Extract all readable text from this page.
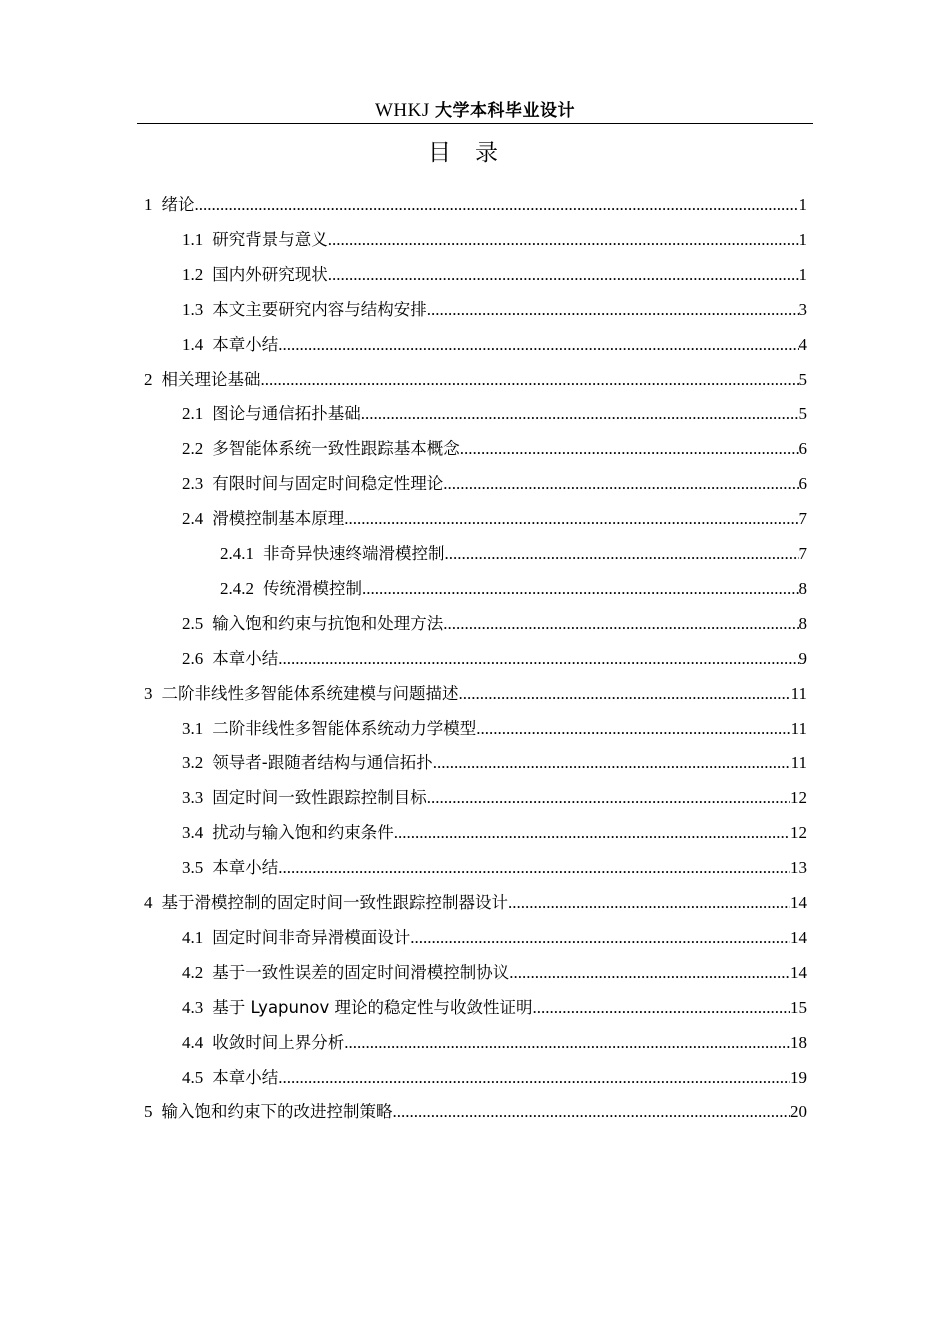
WHKJ 大学本科毕业设计
目录
1 绪论 .....	1
1.1 研究背景与意义 .....	1
1.2 国内外研究现状 .....	1
1.3 本文主要研究内容与结构安排 .....	3
1.4 本章小结 .....	4
2 相关理论基础 .....	5
2.1 图论与通信拓扑基础 .....	5
2.2 多智能体系统一致性跟踪基本概念 .....	6
2.3 有限时间与固定时间稳定性理论 .....	6
2.4 滑模控制基本原理 .....	7
2.4.1 非奇异快速终端滑模控制 .....	7
2.4.2 传统滑模控制 .....	8
2.5 输入饱和约束与抗饱和处理方法 .....	8
2.6 本章小结 .....	9
3 二阶非线性多智能体系统建模与问题描述 .....	11
3.1 二阶非线性多智能体系统动力学模型 .....	11
3.2 领导者-跟随者结构与通信拓扑 .....	11
3.3 固定时间一致性跟踪控制目标 .....	12
3.4 扰动与输入饱和约束条件 .....	12
3.5 本章小结 .....	13
4 基于滑模控制的固定时间一致性跟踪控制器设计 .....	14
4.1 固定时间非奇异滑模面设计 .....	14
4.2 基于一致性误差的固定时间滑模控制协议 .....	14
4.3 基于 Lyapunov 理论的稳定性与收敛性证明 .....	15
4.4 收敛时间上界分析 .....	18
4.5 本章小结 .....	19
5 输入饱和约束下的改进控制策略 .....	20
